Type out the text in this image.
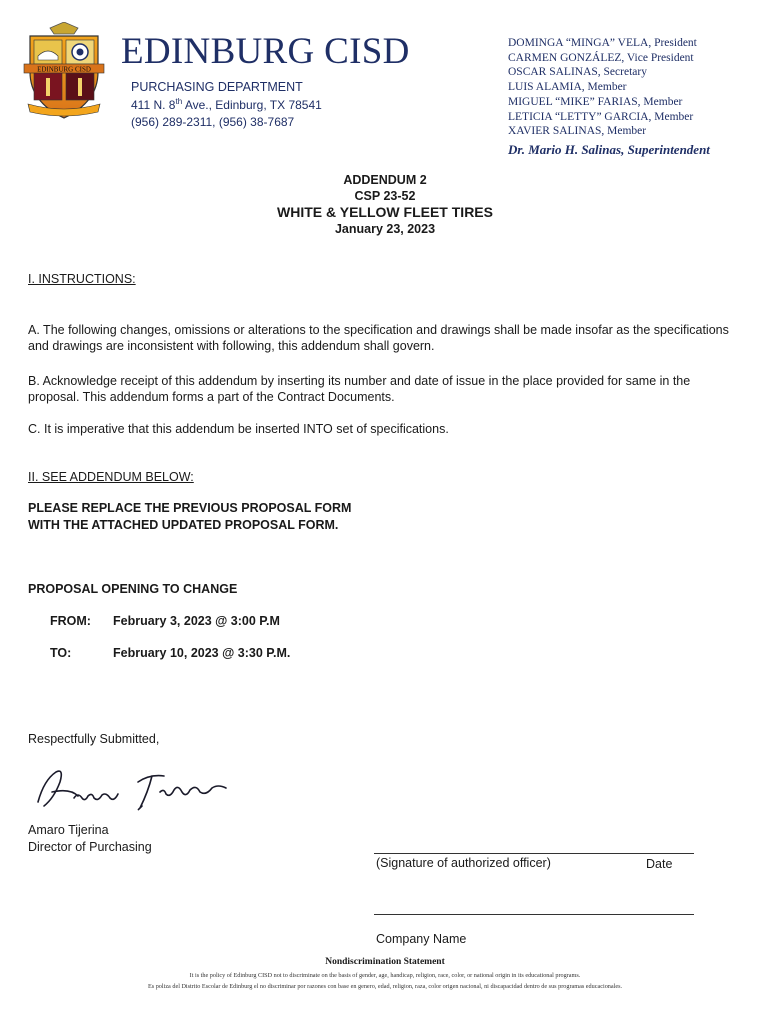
EDINBURG CISD EDINBURG CISD
PURCHASING DEPARTMENT
411 N. 8th Ave., Edinburg, TX 78541
(956) 289-2311, (956) 38-7687
DOMINGA “MINGA” VELA, President
CARMEN GONZÁLEZ, Vice President
OSCAR SALINAS, Secretary
LUIS ALAMIA, Member
MIGUEL “MIKE” FARIAS, Member
LETICIA “LETTY” GARCIA, Member
XAVIER SALINAS, Member
Dr. Mario H. Salinas, Superintendent
ADDENDUM 2
CSP 23-52
WHITE & YELLOW FLEET TIRES
January 23, 2023
I. INSTRUCTIONS:
A. The following changes, omissions or alterations to the specification and drawings shall be made insofar as the specifications and drawings are inconsistent with following, this addendum shall govern.
B. Acknowledge receipt of this addendum by inserting its number and date of issue in the place provided for same in the proposal. This addendum forms a part of the Contract Documents.
C. It is imperative that this addendum be inserted INTO set of specifications.
II. SEE ADDENDUM BELOW:
PLEASE REPLACE THE PREVIOUS PROPOSAL FORM
WITH THE ATTACHED UPDATED PROPOSAL FORM.
PROPOSAL OPENING TO CHANGE
FROM: February 3, 2023 @ 3:00 P.M
TO:	February 10, 2023 @ 3:30 P.M.
Respectfully Submitted,
Amaro Tijerina
Director of Purchasing
(Signature of authorized officer)	Date
Company Name
Nondiscrimination Statement
It is the policy of Edinburg CISD not to discriminate on the basis of gender, age, handicap, religion, race, color, or national origin in its educational programs.
Es poliza del Distrito Escolar de Edinburg el no discriminar por razones con base en genero, edad, religion, raza, color origen nacional, ni discapacidad dentro de sus programas educacionales.
